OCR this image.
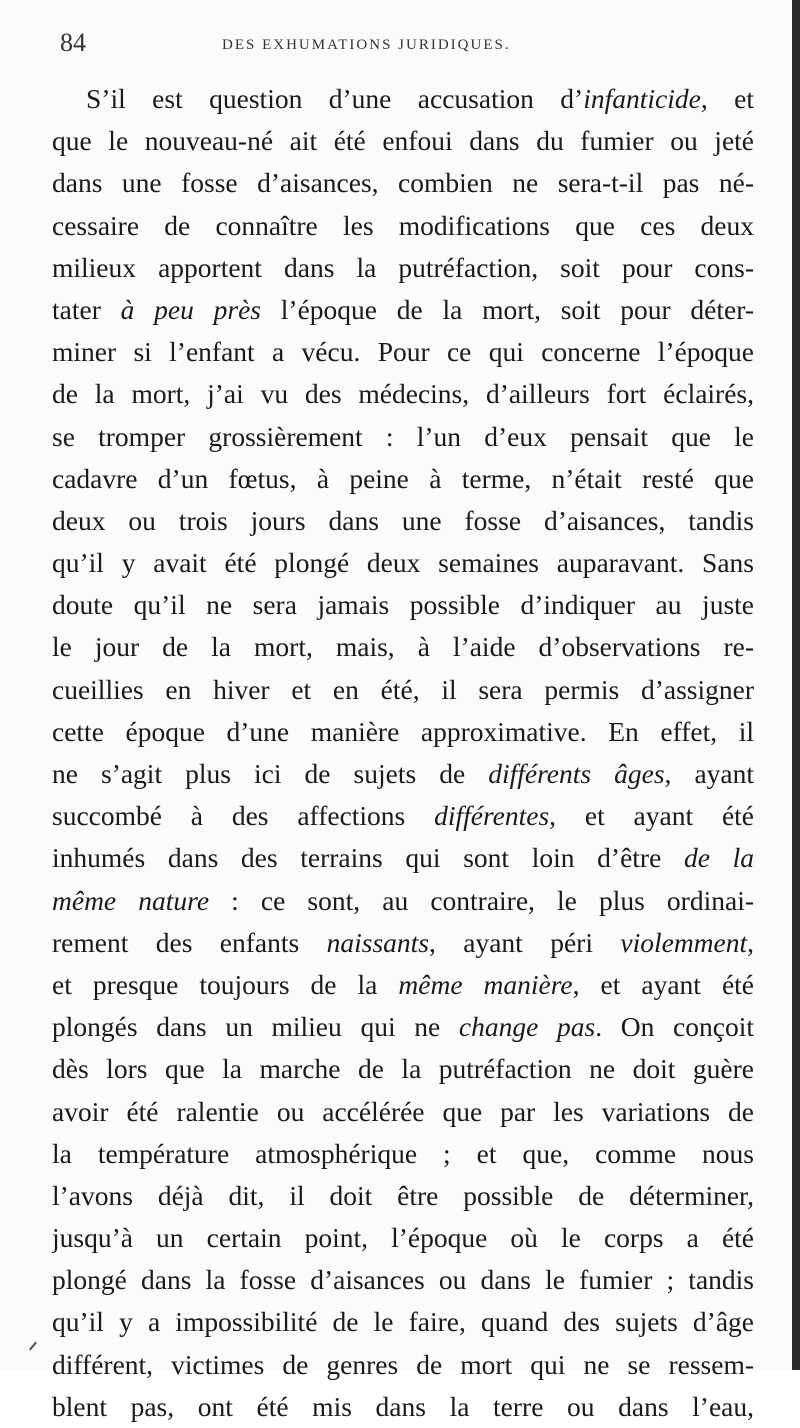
84	DES EXHUMATIONS JURIDIQUES.
S’il est question d’une accusation d’infanticide, et
que le nouveau-né ait été enfoui dans du fumier ou jeté
dans une fosse d’aisances, combien ne sera-t-il pas né-
cessaire de connaître les modifications que ces deux
milieux apportent dans la putréfaction, soit pour cons-
tater à peu près l’époque de la mort, soit pour déter-
miner si l’enfant a vécu. Pour ce qui concerne l’époque
de la mort, j’ai vu des médecins, d’ailleurs fort éclairés,
se tromper grossièrement : l’un d’eux pensait que le
cadavre d’un fœtus, à peine à terme, n’était resté que
deux ou trois jours dans une fosse d’aisances, tandis
qu’il y avait été plongé deux semaines auparavant. Sans
doute qu’il ne sera jamais possible d’indiquer au juste
le jour de la mort, mais, à l’aide d’observations re-
cueillies en hiver et en été, il sera permis d’assigner
cette époque d’une manière approximative. En effet, il
ne s’agit plus ici de sujets de différents âges, ayant
succombé à des affections différentes, et ayant été
inhumés dans des terrains qui sont loin d’être de la
même nature : ce sont, au contraire, le plus ordinai-
rement des enfants naissants, ayant péri violemment,
et presque toujours de la même manière, et ayant été
plongés dans un milieu qui ne change pas. On conçoit
dès lors que la marche de la putréfaction ne doit guère
avoir été ralentie ou accélérée que par les variations de
la température atmosphérique ; et que, comme nous
l’avons déjà dit, il doit être possible de déterminer,
jusqu’à un certain point, l’époque où le corps a été
plongé dans la fosse d’aisances ou dans le fumier ; tandis
qu’il y a impossibilité de le faire, quand des sujets d’âge
différent, victimes de genres de mort qui ne se ressem-
blent pas, ont été mis dans la terre ou dans l’eau,
